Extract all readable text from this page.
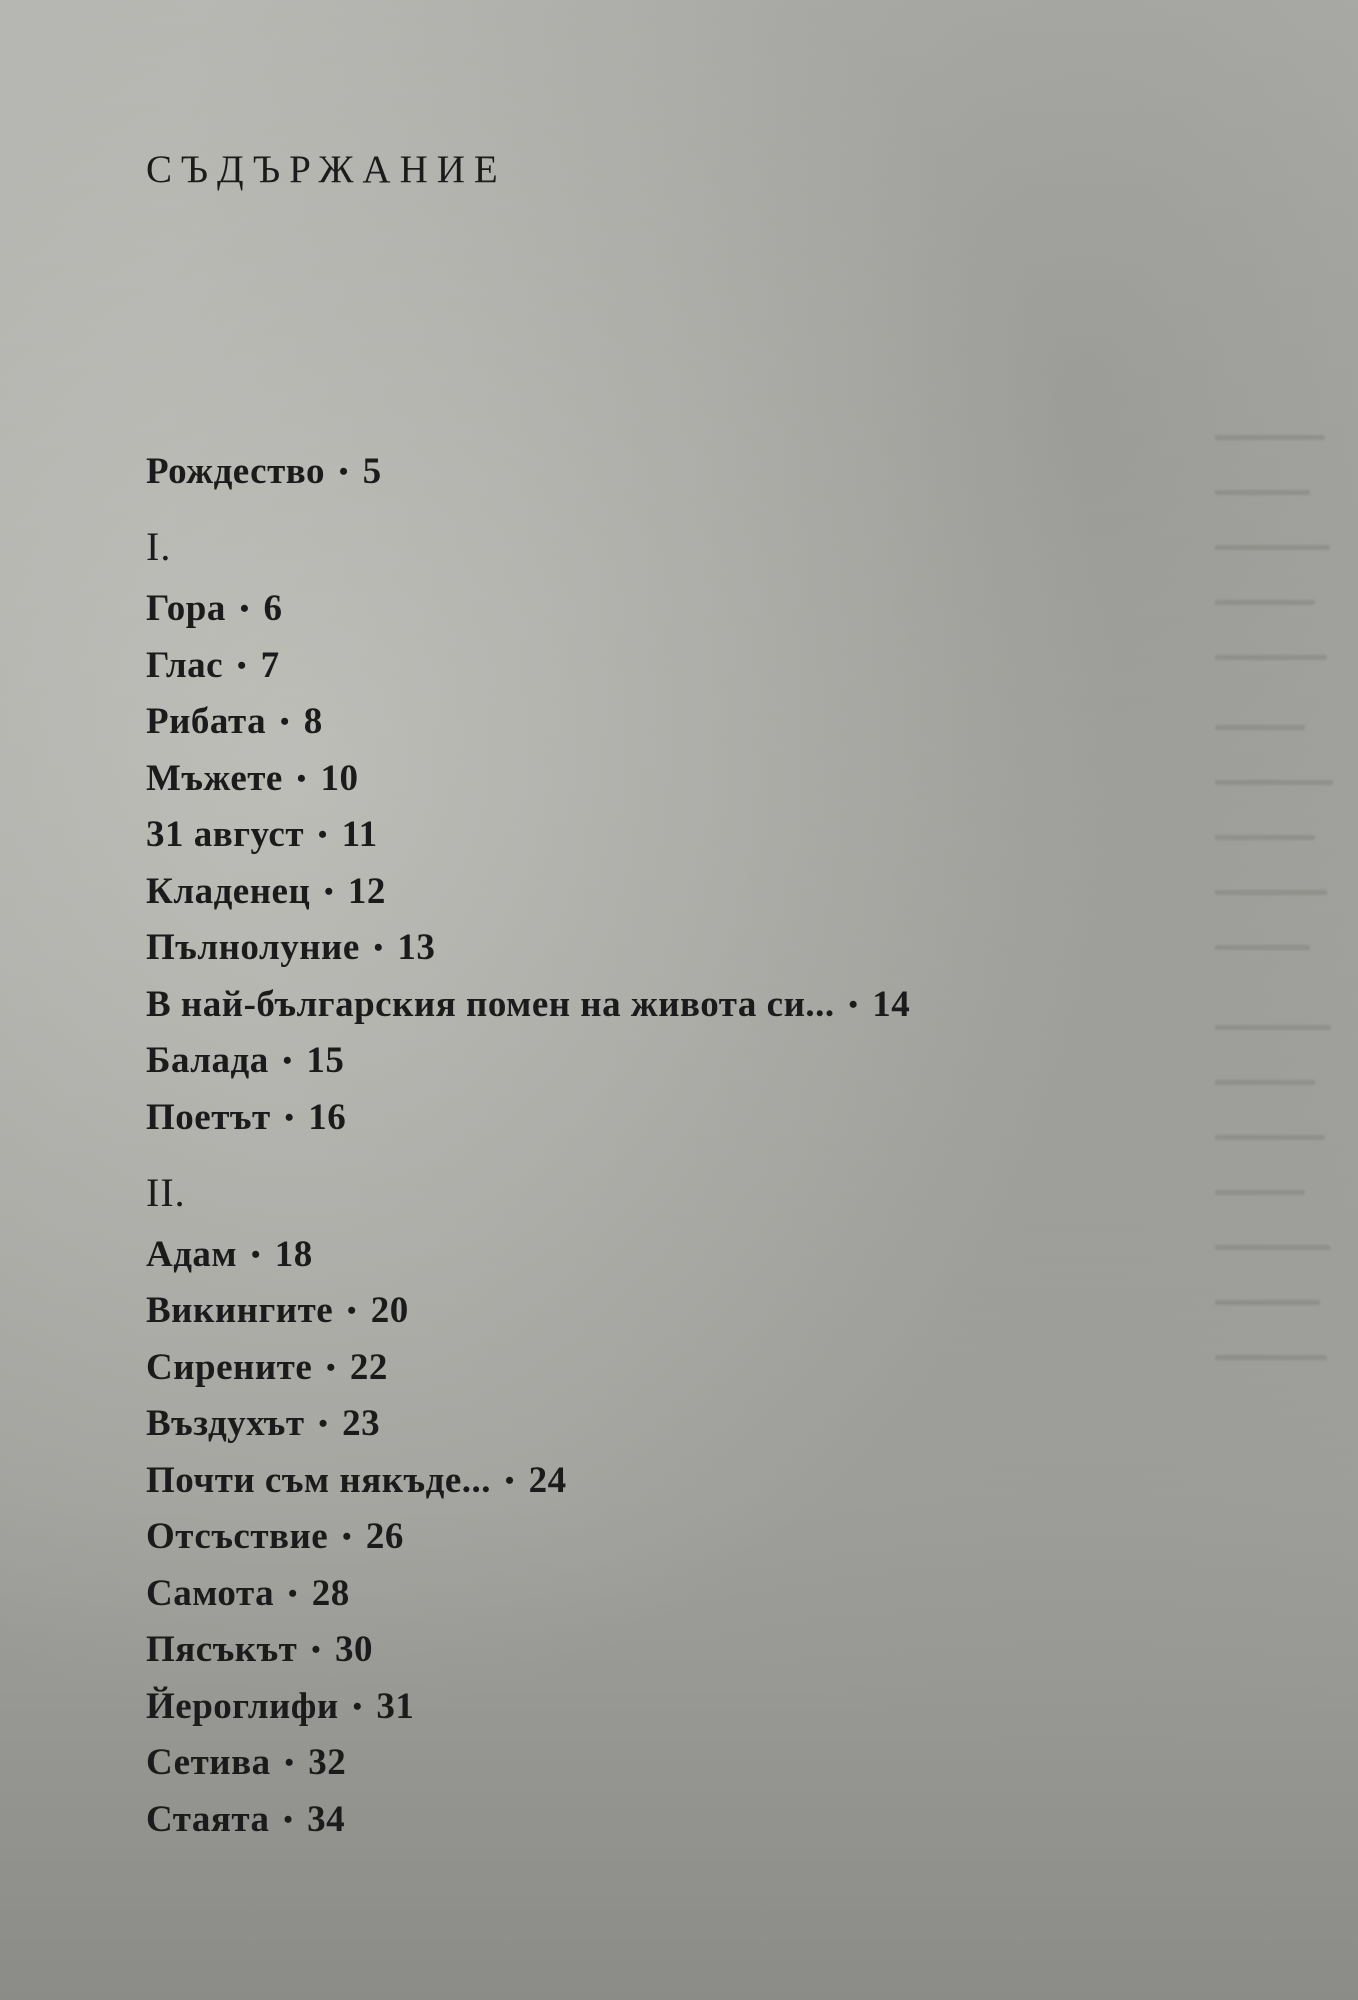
СЪДЪРЖАНИЕ
Рождество • 5
I.
Гора • 6
Глас • 7
Рибата • 8
Мъжете • 10
31 август • 11
Кладенец • 12
Пълнолуние • 13
В най-българския помен на живота си... • 14
Балада • 15
Поетът • 16
II.
Адам • 18
Викингите • 20
Сирените • 22
Въздухът • 23
Почти съм някъде... • 24
Отсъствие • 26
Самота • 28
Пясъкът • 30
Йероглифи • 31
Сетива • 32
Стаята • 34
